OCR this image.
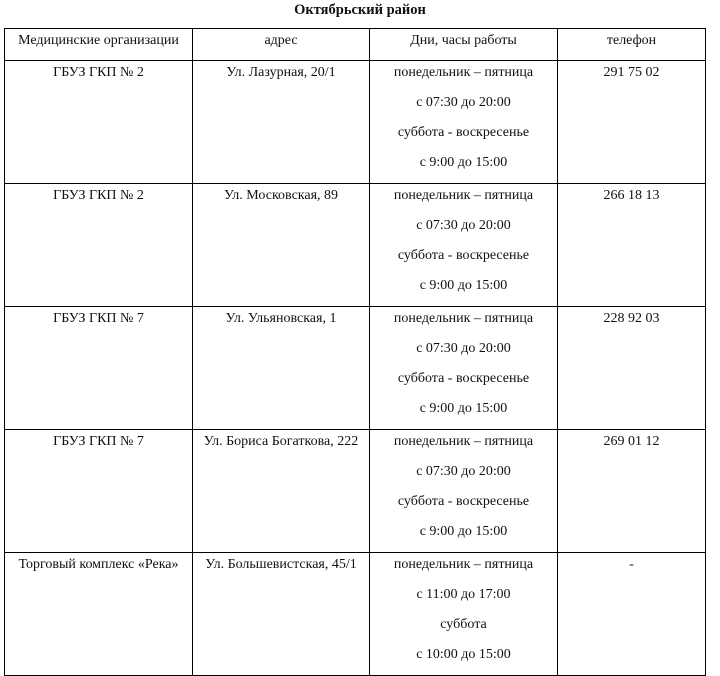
Октябрьский район
Медицинские организации	адрес	Дни, часы работы	телефон
ГБУЗ ГКП № 2	Ул. Лазурная, 20/1	понедельник – пятница
с 07:30 до 20:00
суббота - воскресенье
с 9:00 до 15:00	291 75 02
ГБУЗ ГКП № 2	Ул. Московская, 89	понедельник – пятница
с 07:30 до 20:00
суббота - воскресенье
с 9:00 до 15:00	266 18 13
ГБУЗ ГКП № 7	Ул. Ульяновская, 1	понедельник – пятница
с 07:30 до 20:00
суббота - воскресенье
с 9:00 до 15:00	228 92 03
ГБУЗ ГКП № 7	Ул. Бориса Богаткова, 222	понедельник – пятница
с 07:30 до 20:00
суббота - воскресенье
с 9:00 до 15:00	269 01 12
Торговый комплекс «Река»	Ул. Большевистская, 45/1	понедельник – пятница
с 11:00 до 17:00
суббота
с 10:00 до 15:00	-
